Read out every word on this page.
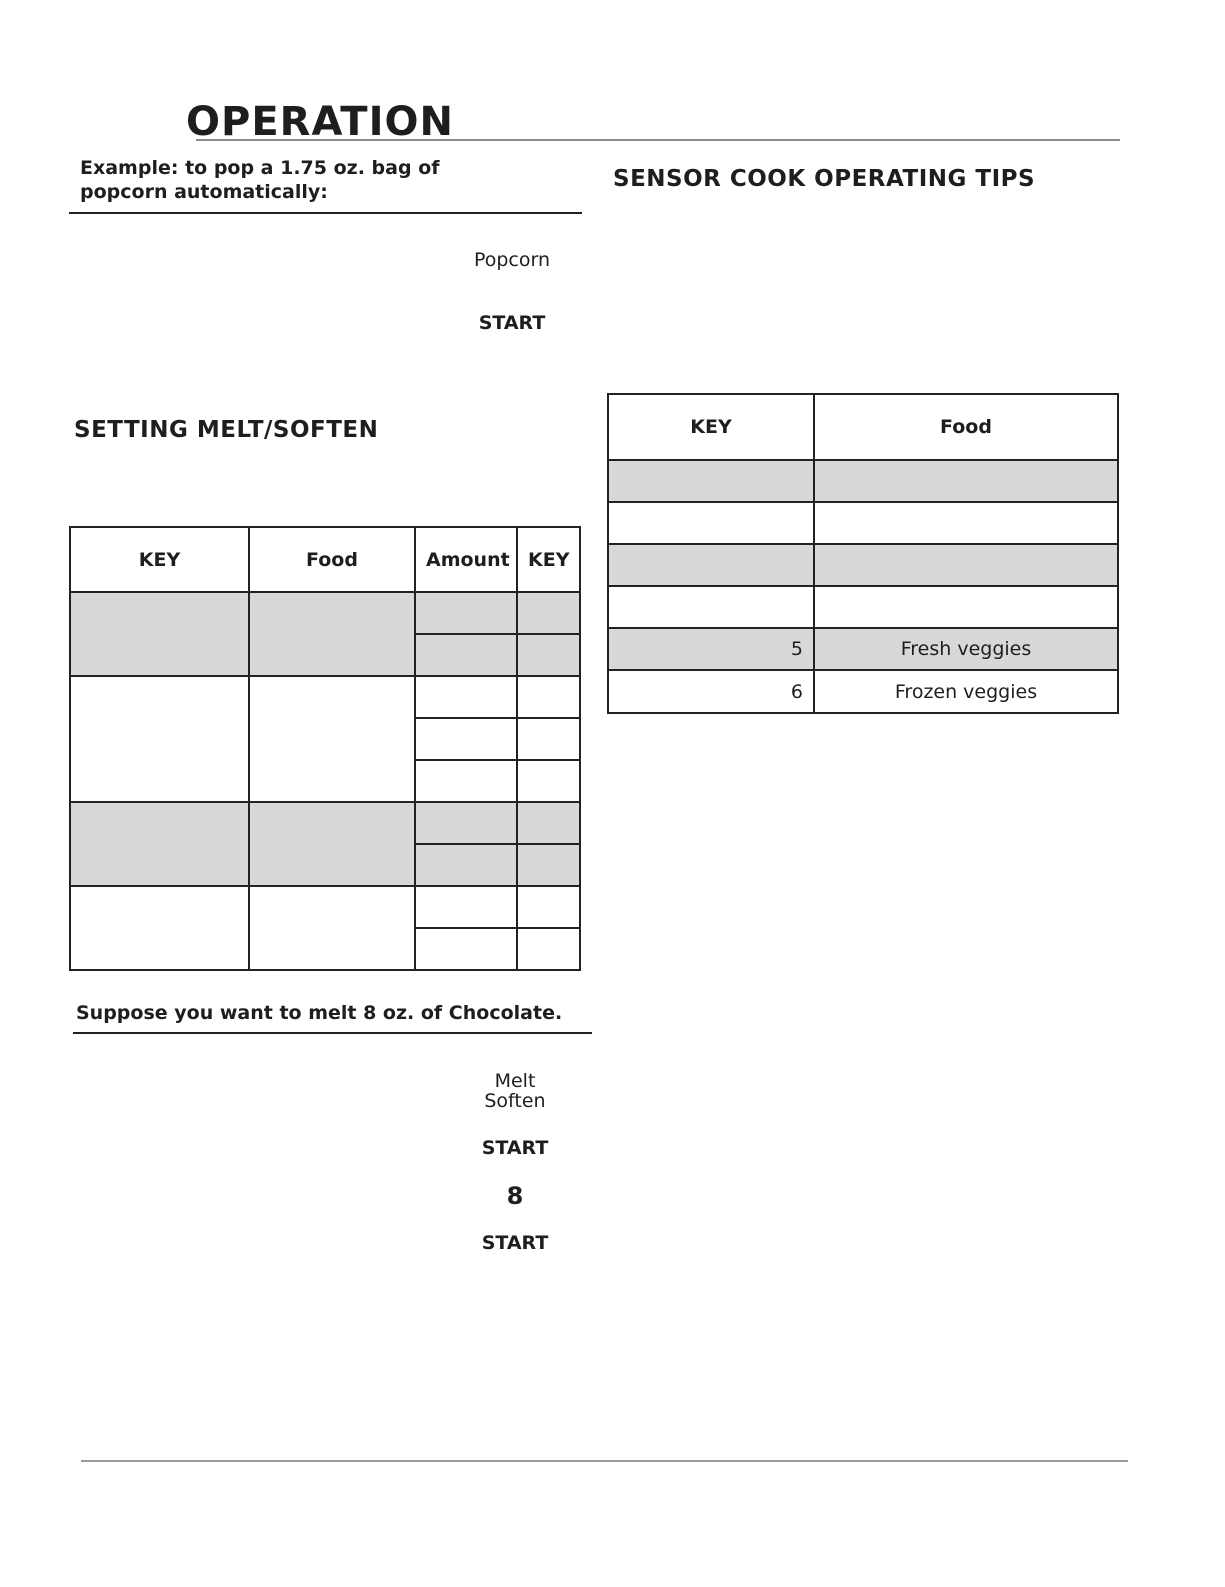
OPERATION
Example: to pop a 1.75 oz. bag of
popcorn automatically:
Popcorn
START
SETTING MELT/SOFTEN
KEY	Food	Amount	KEY

Suppose you want to melt 8 oz. of Chocolate.
Melt
Soften
START
8
START
SENSOR COOK OPERATING TIPS
KEY	Food

5	Fresh veggies
6	Frozen veggies
